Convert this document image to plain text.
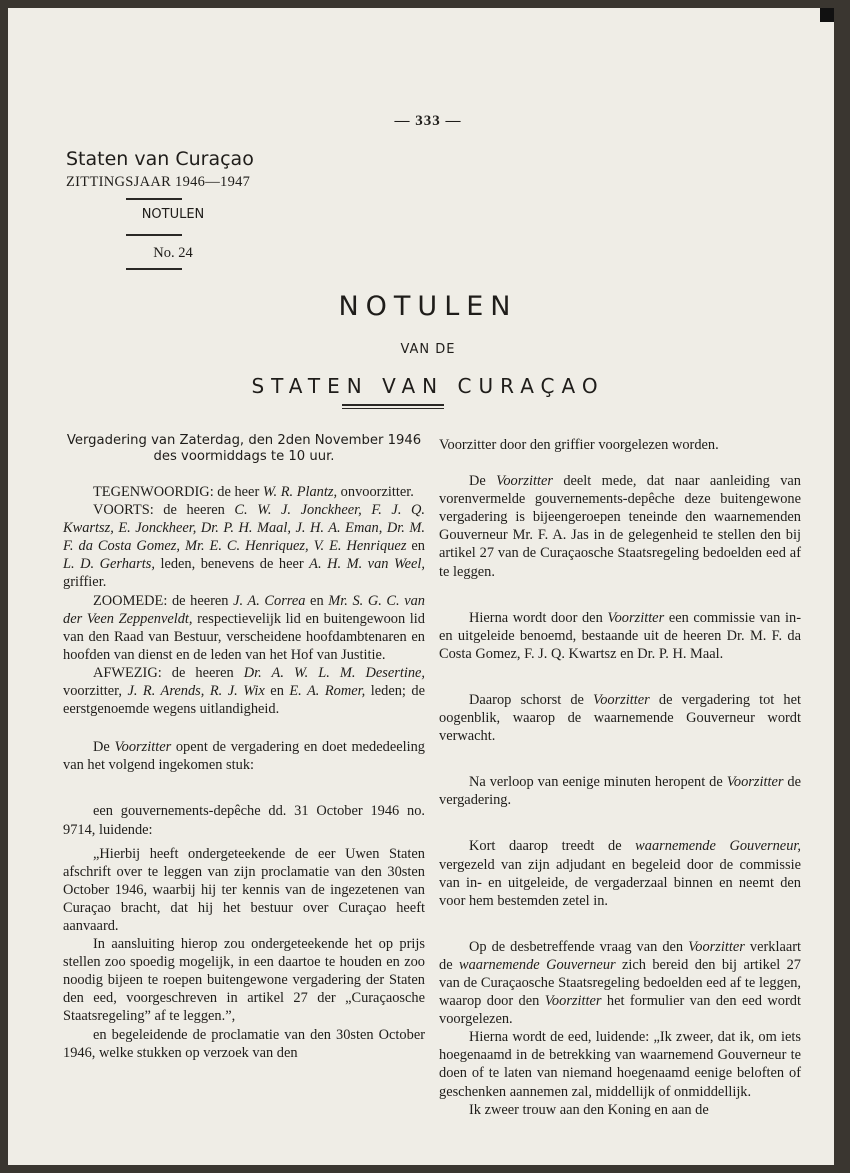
— 333 —
Staten van Curaçao
ZITTINGSJAAR 1946—1947
NOTULEN
No. 24
NOTULEN
VAN DE
STATEN VAN CURAÇAO

Vergadering van Zaterdag, den 2den November 1946 des voormiddags te 10 uur.

TEGENWOORDIG: de heer W. R. Plantz, onvoorzitter.

VOORTS: de heeren C. W. J. Jonckheer, F. J. Q. Kwartsz, E. Jonckheer, Dr. P. H. Maal, J. H. A. Eman, Dr. M. F. da Costa Gomez, Mr. E. C. Henriquez, V. E. Henriquez en L. D. Gerharts, leden, benevens de heer A. H. M. van Weel, griffier.

ZOOMEDE: de heeren J. A. Correa en Mr. S. G. C. van der Veen Zeppenveldt, respectievelijk lid en buitengewoon lid van den Raad van Bestuur, verscheidene hoofdambtenaren en hoofden van dienst en de leden van het Hof van Justitie.

AFWEZIG: de heeren Dr. A. W. L. M. Desertine, voorzitter, J. R. Arends, R. J. Wix en E. A. Romer, leden; de eerstgenoemde wegens uitlandigheid.

De Voorzitter opent de vergadering en doet mededeeling van het volgend ingekomen stuk:

een gouvernements-depêche dd. 31 October 1946 no. 9714, luidende:

„Hierbij heeft ondergeteekende de eer Uwen Staten afschrift over te leggen van zijn proclamatie van den 30sten October 1946, waarbij hij ter kennis van de ingezetenen van Curaçao bracht, dat hij het bestuur over Curaçao heeft aanvaard.

In aansluiting hierop zou ondergeteekende het op prijs stellen zoo spoedig mogelijk, in een daartoe te houden en zoo noodig bijeen te roepen buitengewone vergadering der Staten den eed, voorgeschreven in artikel 27 der „Curaçaosche Staatsregeling” af te leggen.”,

en begeleidende de proclamatie van den 30sten October 1946, welke stukken op verzoek van den

Voorzitter door den griffier voorgelezen worden.

De Voorzitter deelt mede, dat naar aanleiding van vorenvermelde gouvernements-depêche deze buitengewone vergadering is bijeengeroepen teneinde den waarnemenden Gouverneur Mr. F. A. Jas in de gelegenheid te stellen den bij artikel 27 van de Curaçaosche Staatsregeling bedoelden eed af te leggen.

Hierna wordt door den Voorzitter een commissie van in- en uitgeleide benoemd, bestaande uit de heeren Dr. M. F. da Costa Gomez, F. J. Q. Kwartsz en Dr. P. H. Maal.

Daarop schorst de Voorzitter de vergadering tot het oogenblik, waarop de waarnemende Gouverneur wordt verwacht.

Na verloop van eenige minuten heropent de Voorzitter de vergadering.

Kort daarop treedt de waarnemende Gouverneur, vergezeld van zijn adjudant en begeleid door de commissie van in- en uitgeleide, de vergaderzaal binnen en neemt den voor hem bestemden zetel in.

Op de desbetreffende vraag van den Voorzitter verklaart de waarnemende Gouverneur zich bereid den bij artikel 27 van de Curaçaosche Staatsregeling bedoelden eed af te leggen, waarop door den Voorzitter het formulier van den eed wordt voorgelezen.

Hierna wordt de eed, luidende: „Ik zweer, dat ik, om iets hoegenaamd in de betrekking van waarnemend Gouverneur te doen of te laten van niemand hoegenaamd eenige beloften of geschenken aannemen zal, middellijk of onmiddellijk.

Ik zweer trouw aan den Koning en aan de
